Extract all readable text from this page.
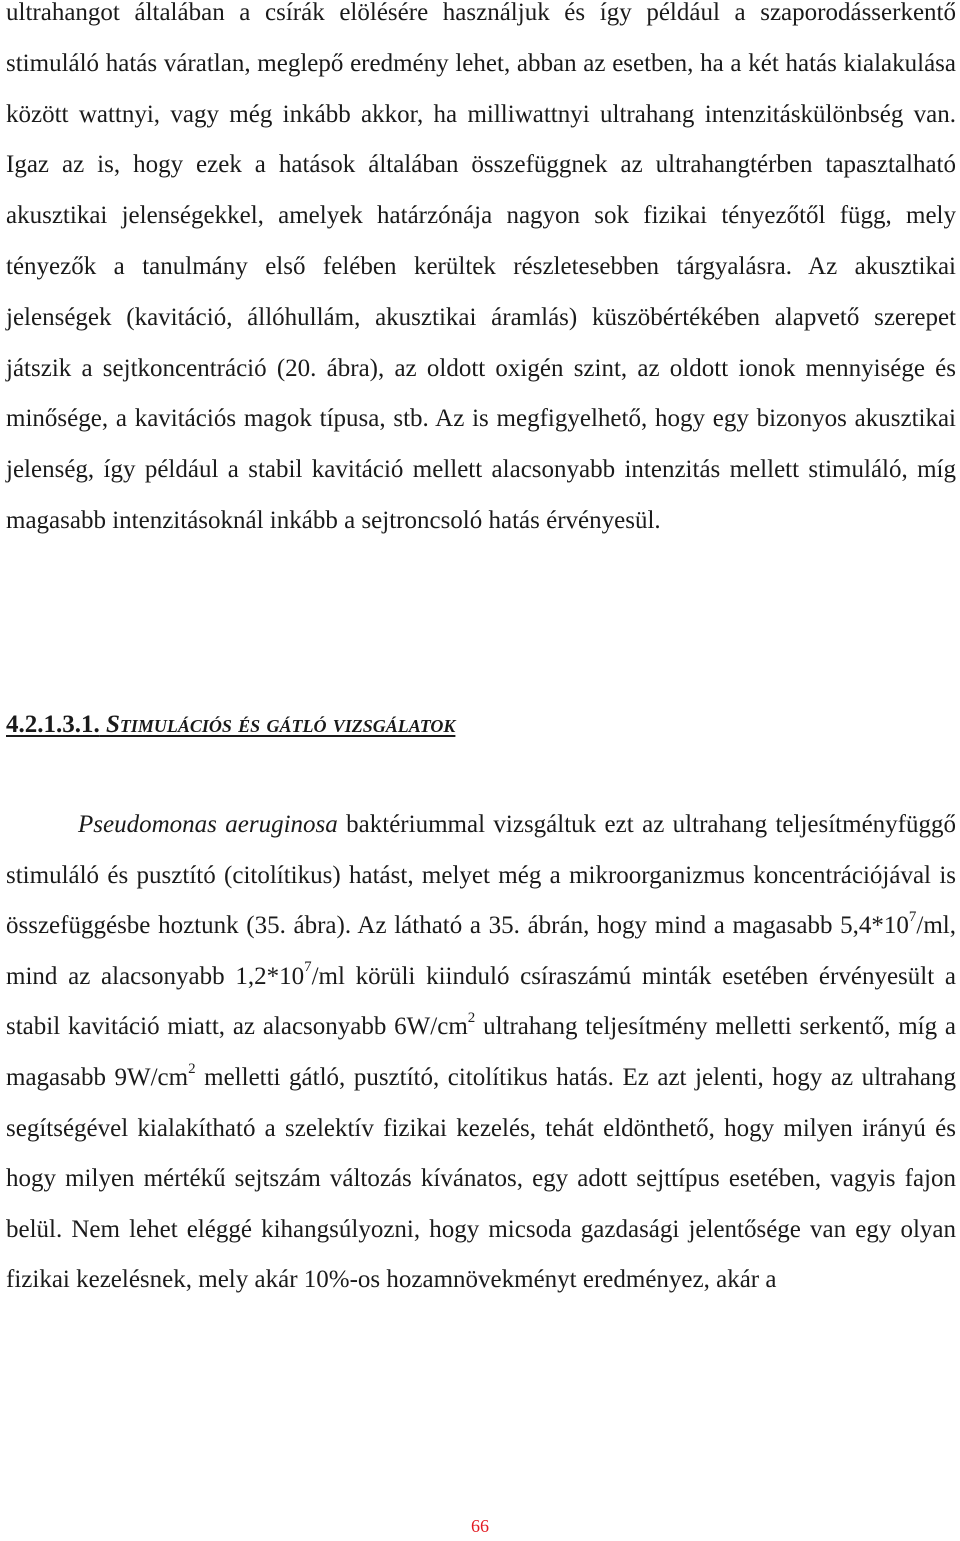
ultrahangot általában a csírák elölésére használjuk és így például a szaporodásserkentő stimuláló hatás váratlan, meglepő eredmény lehet, abban az esetben, ha a két hatás kialakulása között wattnyi, vagy még inkább akkor, ha milliwattnyi ultrahang intenzitáskülönbség van. Igaz az is, hogy ezek a hatások általában összefüggnek az ultrahangtérben tapasztalható akusztikai jelenségekkel, amelyek határzónája nagyon sok fizikai tényezőtől függ, mely tényezők a tanulmány első felében kerültek részletesebben tárgyalásra. Az akusztikai jelenségek (kavitáció, állóhullám, akusztikai áramlás) küszöbértékében alapvető szerepet játszik a sejtkoncentráció (20. ábra), az oldott oxigén szint, az oldott ionok mennyisége és minősége, a kavitációs magok típusa, stb. Az is megfigyelhető, hogy egy bizonyos akusztikai jelenség, így például a stabil kavitáció mellett alacsonyabb intenzitás mellett stimuláló, míg magasabb intenzitásoknál inkább a sejtroncsoló hatás érvényesül.

4.2.1.3.1. Stimulációs és gátló vizsgálatok

Pseudomonas aeruginosa baktériummal vizsgáltuk ezt az ultrahang teljesítményfüggő stimuláló és pusztító (citolítikus) hatást, melyet még a mikroorganizmus koncentrációjával is összefüggésbe hoztunk (35. ábra). Az látható a 35. ábrán, hogy mind a magasabb $5,4*10^7/ml$, mind az alacsonyabb $1,2*10^7/ml$ körüli kiinduló csíraszámú minták esetében érvényesült a stabil kavitáció miatt, az alacsonyabb $6W/cm^2$ ultrahang teljesítmény melletti serkentő, míg a magasabb $9W/cm^2$ melletti gátló, pusztító, citolítikus hatás. Ez azt jelenti, hogy az ultrahang segítségével kialakítható a szelektív fizikai kezelés, tehát eldönthető, hogy milyen irányú és hogy milyen mértékű sejtszám változás kívánatos, egy adott sejttípus esetében, vagyis fajon belül. Nem lehet eléggé kihangsúlyozni, hogy micsoda gazdasági jelentősége van egy olyan fizikai kezelésnek, mely akár 10%-os hozamnövekményt eredményez, akár a

66
